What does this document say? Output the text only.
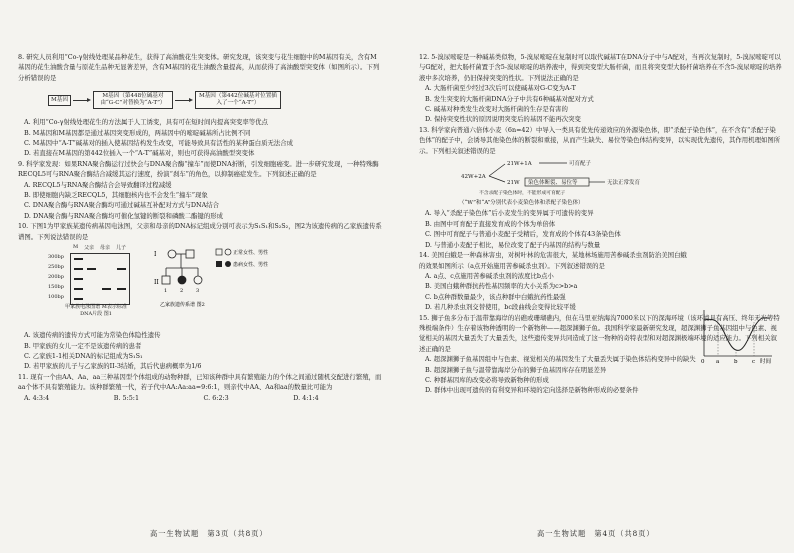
8. 研究人员利用“Co-γ射线处理某品种花生，获得了高油酸花生突变体。研究发现，该突变与花生细胞中的M基因有关，含有M基因的花生油酸含量与原花生品种无显著差异，含有M基因的花生油酸含量提高，从而获得了高油酸型突变体（如图所示）。下列分析错误的是

M基因
M基因（第448位碱基对由“G-C”对替换为“A-T”）
M基因（第442位碱基对位置插入了一个“A-T”）

A. 利用“Co-γ射线处理花生的方法属于人工诱变，具有可在短时间内提高突变率等优点

B. M基因和M基因都是通过基因突变形成的，两基因中的嘧啶碱基所占比例不同

C. M基因中“A-T”碱基对的插入使基因结构发生改变，可能导致具有活性的某种蛋白质无法合成

D. 若直接在M基因的第442位插入一个“A-T”碱基对，则也可获得高油酸型突变体

9. 科学家发现：如果RNA聚合酶运行过快会与DNA聚合酶“撞车”而使DNA折断，引发细胞癌变。进一步研究发现，一种特殊酶RECQL5可与RNA聚合酶结合减缓其运行速度，扮演“刹车”的角色，以抑制癌症发生。下列叙述正确的是

A. RECQL5与RNA聚合酶结合会导致翻译过程减缓

B. 即使细胞内缺乏RECQL5，其细胞核内也不会发生“撞车”现象

C. DNA聚合酶与RNA聚合酶均可通过碱基互补配对方式与DNA结合

D. DNA聚合酶与RNA聚合酶均可催化氢键的断裂和磷酸二酯键的形成

10. 下图1为甲家族某遗传病基因电泳图，父亲和母亲的DNA标记组成分别可表示为S₁S₁和S₂S₂，图2为该遗传病的乙家族遗传系谱图。下列说法错误的是

M 父亲 母亲 儿子
300bp
250bp
200bp
150bp
100bp
甲家族电泳图谱 M表示标准DNA片段 图1
I
II
1	2	3
正常女性、男性
患病女性、男性
乙家族遗传系谱 图2

A. 该遗传病的遗传方式可能为常染色体隐性遗传

B. 甲家族的女儿一定不是该遗传病的患者

C. 乙家族1-1相关DNA的标记组成为S₁S₁

D. 若甲家族的儿子与乙家族的II-3结婚，其后代患病概率为1/6

11. 现有一个由AA、Aa、aa三种基因型个体组成的动物种群，已知该种群中具有繁殖能力的个体之间通过随机交配进行繁殖，而aa个体不具有繁殖能力。该种群繁殖一代，若子代中AA:Aa:aa=9:6:1，则亲代中AA、Aa和aa的数量比可能为

A. 4:3:4	B. 5:5:1	C. 6:2:3	D. 4:1:4
高一生物试题　第3页（共8页）

12. 5-溴尿嘧啶是一种碱基类似物，5-溴尿嘧啶在复制时可以取代碱基T在DNA分子中与A配对，当再次复制时，5-溴尿嘧啶可以与G配对，把大肠杆菌置于含5-溴尿嘧啶的培养液中，得到突变型大肠杆菌，而且将突变型大肠杆菌培养在不含5-溴尿嘧啶的培养液中多次培养，仍旧保持突变的性状。下列说法正确的是

A. 大肠杆菌至少经过3次后可以使碱基对G-C变为A-T

B. 发生突变的大肠杆菌DNA分子中共有6种碱基对配对方式

C. 碱基对种类发生改变对大肠杆菌的生存是有害的

D. 保持突变性状的原因说明突变后的基因不能再次突变

13. 科学家向普通六倍体小麦（6n=42）中导入一类具有优先传递效应的外源染色体，即“杀配子染色体”，在不含有“杀配子染色体”的配子中，会诱导其他染色体的断裂和重接，从而产生缺失、易位等染色体结构变异，以实现优先遗传，其作用机理如图所示。下列相关叙述错误的是

42W+2A
21W+1A	可育配子
21W 染色体断裂、易位等	无法正常发育
不含杀配子染色体时，不能形成可育配子

（“W”和“A”分别代表小麦染色体和杀配子染色体）

A. 导入“杀配子染色体”后小麦发生的变异属于可遗传的变异

B. 由图中可育配子直接发育成的个体为单倍体

C. 图中可育配子与普通小麦配子受精后，发育成的个体有43条染色体

D. 与普通小麦配子相比，易位改变了配子内基因的结构与数量

14. 美国白蛾是一种森林害虫，对树叶林的危害很大，某地林场施用苦参碱杀虫剂防治美国白蛾的效果如图所示（a点开始施用苦参碱杀虫剂）。下列叙述错误的是

A. a点、c点施用苦参碱杀虫剂的浓度比b点小

B. 美国白蛾种群抗药性基因频率的大小关系为c>b>a

C. b点种群数量最少，该点种群中白蛾抗药性最强

D. 若几种杀虫剂交替使用，bc段曲线会变得比较平缓

15. 狮子鱼多分布于温带靠海岸的岩礁或珊瑚礁内，但在马里亚纳海沟7000米以下的深海环境（该环境具有高压、终年无光等特殊极端条件）生存着该物种透明的一个新物种——超深渊狮子鱼。我国科学家最新研究发现，超深渊狮子鱼基因组中与色素、视觉相关的基因大量丢失了大量丢失，这些遗传变异共同造成了这一物种的奇特表型和对超深渊极端环境的适应能力。下列相关叙述正确的是

A. 超深渊狮子鱼基因组中与色素、视觉相关的基因发生了大量丢失属于染色体结构变异中的缺失

B. 超深渊狮子鱼与温带靠海岸分布的狮子鱼基因库存在明显差异

C. 种群基因库的改变必将导致新物种的形成

D. 群体中出现可遗传的有利变异和环境的定向选择是新物种形成的必要条件

高一生物试题　第4页（共8页）
0 a	b	c 时间
